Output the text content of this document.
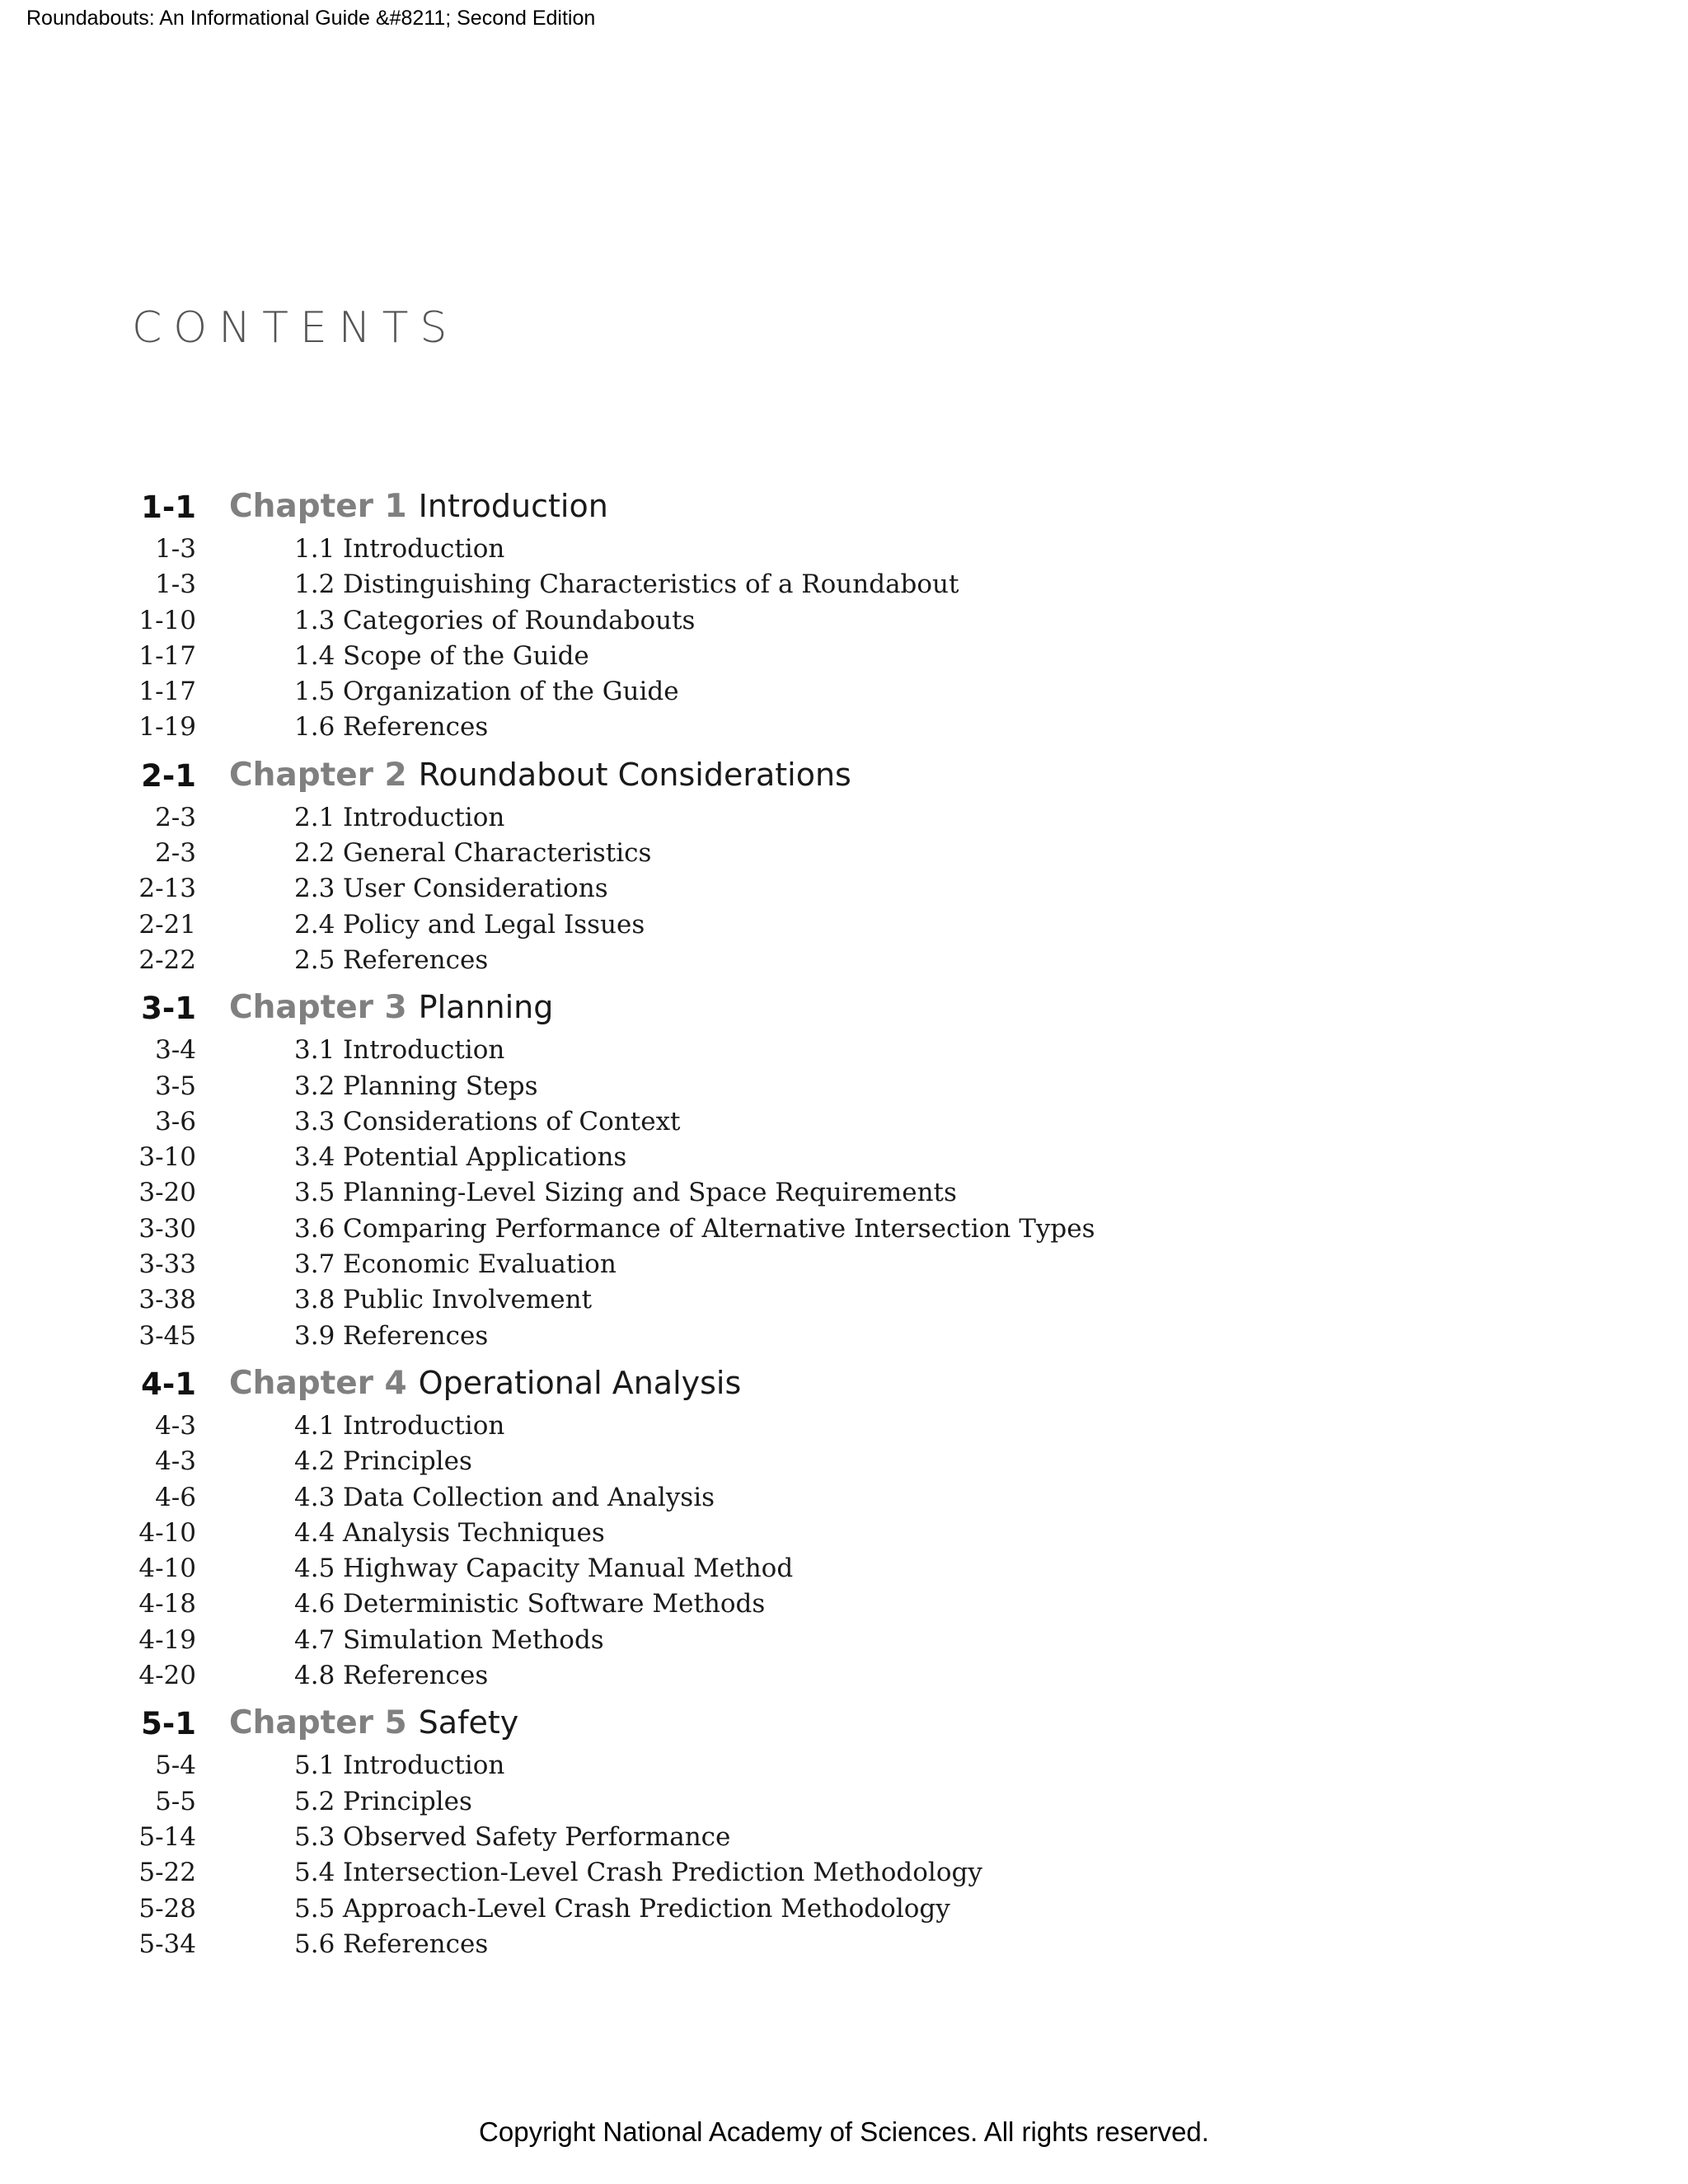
Roundabouts: An Informational Guide &#8211; Second Edition
CONTENTS
1-1 Chapter 1 Introduction
1-3	1.1 Introduction
1-3	1.2 Distinguishing Characteristics of a Roundabout
1-10	1.3 Categories of Roundabouts
1-17	1.4 Scope of the Guide
1-17	1.5 Organization of the Guide
1-19	1.6 References
2-1 Chapter 2 Roundabout Considerations
2-3	2.1 Introduction
2-3	2.2 General Characteristics
2-13	2.3 User Considerations
2-21	2.4 Policy and Legal Issues
2-22	2.5 References
3-1 Chapter 3 Planning
3-4	3.1 Introduction
3-5	3.2 Planning Steps
3-6	3.3 Considerations of Context
3-10	3.4 Potential Applications
3-20	3.5 Planning-Level Sizing and Space Requirements
3-30	3.6 Comparing Performance of Alternative Intersection Types
3-33	3.7 Economic Evaluation
3-38	3.8 Public Involvement
3-45	3.9 References
4-1 Chapter 4 Operational Analysis
4-3	4.1 Introduction
4-3	4.2 Principles
4-6	4.3 Data Collection and Analysis
4-10	4.4 Analysis Techniques
4-10	4.5 Highway Capacity Manual Method
4-18	4.6 Deterministic Software Methods
4-19	4.7 Simulation Methods
4-20	4.8 References
5-1 Chapter 5 Safety
5-4	5.1 Introduction
5-5	5.2 Principles
5-14	5.3 Observed Safety Performance
5-22	5.4 Intersection-Level Crash Prediction Methodology
5-28	5.5 Approach-Level Crash Prediction Methodology
5-34	5.6 References
Copyright National Academy of Sciences. All rights reserved.
